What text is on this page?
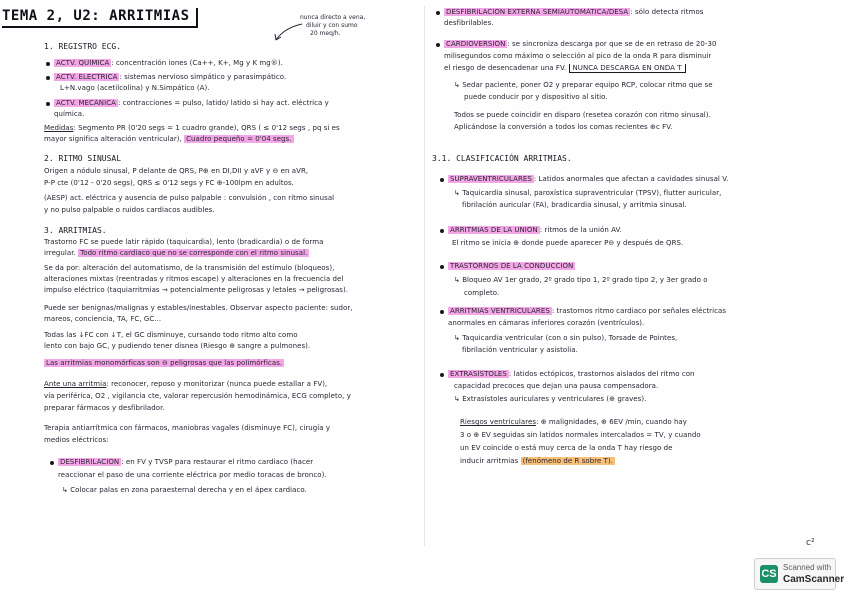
TEMA 2, U2: ARRITMIAS	nunca directo a vena,
diluir y con sumo
20 meq/h.
1. REGISTRO ECG.
ACTV. QUÍMICA : concentración iones (Ca++, K+, Mg y K mg®).
ACTV. ELÉCTRICA : sistemas nervioso simpático y parasimpático.
L+N.vago (acetilcolina) y N.Simpático (A).
ACTV. MECÁNICA : contracciones = pulso, latido/ latido si hay act. eléctrica y
química.
Medidas: Segmento PR (0'20 segs = 1 cuadro grande), QRS ( ≤ 0'12 segs , pq si es
mayor significa alteración ventricular), Cuadro pequeño = 0'04 segs.
2. RITMO SINUSAL
Origen a nódulo sinusal, P delante de QRS, P⊕ en DI,DII y aVF y ⊖ en aVR,
P-P cte (0'12 - 0'20 segs), QRS ≤ 0'12 segs y FC ⊕-100lpm en adultos.
(AESP) act. eléctrica y ausencia de pulso palpable : convulsión , con ritmo sinusal
y no pulso palpable o ruidos cardiacos audibles.
3. ARRITMIAS.
Trastorno FC se puede latir rápido (taquicardia), lento (bradicardia) o de forma
irregular. Todo ritmo cardiaco que no se corresponde con el ritmo sinusal.
Se da por: alteración del automatismo, de la transmisión del estímulo (bloqueos),
alteraciones mixtas (reentradas y ritmos escape) y alteraciones en la frecuencia del
impulso eléctrico (taquiarritmias → potencialmente peligrosas y letales → peligrosas).
Puede ser benignas/malignas y estables/inestables. Observar aspecto paciente: sudor,
mareos, conciencia, TA, FC, GC...
Todas las ↓FC con ↓T, el GC disminuye, cursando todo ritmo alto como
lento con bajo GC, y pudiendo tener disnea (Riesgo ⊕ sangre a pulmones).
Las arritmias monomórficas son ⊖ peligrosas que las polimórficas.
Ante una arritmia: reconocer, reposo y monitorizar (nunca puede estallar a FV),
vía periférica, O2 , vigilancia cte, valorar repercusión hemodinámica, ECG completo, y
preparar fármacos y desfibrilador.
Terapia antiarrítmica con fármacos, maniobras vagales (disminuye FC), cirugía y
medios eléctricos:
DESFIBRILACIÓN : en FV y TVSP para restaurar el ritmo cardiaco (hacer
reaccionar el paso de una corriente eléctrica por medio toracas de bronco).
↳ Colocar palas en zona paraesternal derecha y en el ápex cardiaco.
DESFIBRILACIÓN EXTERNA SEMIAUTOMÁTICA/DESA : sólo detecta ritmos
desfibrilables.
CARDIOVERSIÓN : se sincroniza descarga por que se de en retraso de 20-30
milisegundos como máximo o selección al pico de la onda R para disminuir
el riesgo de desencadenar una FV. NUNCA DESCARGA EN ONDA T
↳ Sedar paciente, poner O2 y preparar equipo RCP, colocar ritmo que se
puede conducir por y dispositivo al sitio.
Todos se puede coincidir en disparo (resetea corazón con ritmo sinusal).
Aplicándose la conversión a todos los comas recientes ⊕c FV.
3.1. CLASIFICACIÓN ARRITMIAS.
SUPRAVENTRICULARES : Latidos anormales que afectan a cavidades sinusal V.
↳ Taquicardia sinusal, paroxística supraventricular (TPSV), flutter auricular,
fibrilación auricular (FA), bradicardia sinusal, y arritmia sinusal.
ARRITMIAS DE LA UNIÓN : ritmos de la unión AV.
El ritmo se inicia ⊕ donde puede aparecer P⊖ y después de QRS.
TRASTORNOS DE LA CONDUCCIÓN
↳ Bloqueo AV 1er grado, 2º grado tipo 1, 2º grado tipo 2, y 3er grado o
completo.
ARRITMIAS VENTRICULARES : trastornos ritmo cardiaco por señales eléctricas
anormales en cámaras inferiores corazón (ventrículos).
↳ Taquicardia ventricular (con o sin pulso), Torsade de Pointes,
fibrilación ventricular y asistolia.
EXTRASÍSTOLES : latidos ectópicos, trastornos aislados del ritmo con
capacidad precoces que dejan una pausa compensadora.
↳ Extrasístoles auriculares y ventriculares (⊕ graves).
Riesgos ventriculares: ⊕ malignidades, ⊕ 6EV /min, cuando hay
3 o ⊕ EV seguidas sin latidos normales intercalados = TV, y cuando
un EV coincide o está muy cerca de la onda T hay riesgo de
inducir arritmias (fenómeno de R sobre T).
c²
CS
Scanned with
CamScanner
